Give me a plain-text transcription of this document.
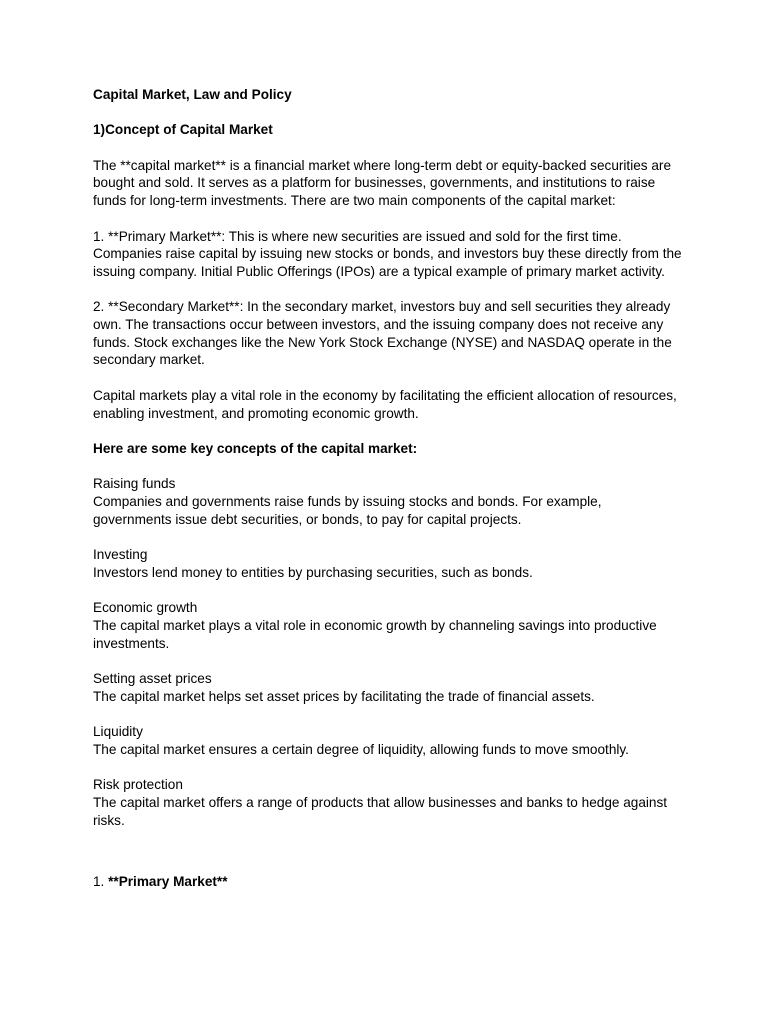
Capital Market, Law and Policy

1)Concept of Capital Market

The **capital market** is a financial market where long-term debt or equity-backed securities are bought and sold. It serves as a platform for businesses, governments, and institutions to raise funds for long-term investments. There are two main components of the capital market:

1. **Primary Market**: This is where new securities are issued and sold for the first time. Companies raise capital by issuing new stocks or bonds, and investors buy these directly from the issuing company. Initial Public Offerings (IPOs) are a typical example of primary market activity.

2. **Secondary Market**: In the secondary market, investors buy and sell securities they already own. The transactions occur between investors, and the issuing company does not receive any funds. Stock exchanges like the New York Stock Exchange (NYSE) and NASDAQ operate in the secondary market.

Capital markets play a vital role in the economy by facilitating the efficient allocation of resources, enabling investment, and promoting economic growth.

Here are some key concepts of the capital market:

Raising funds

Companies and governments raise funds by issuing stocks and bonds. For example, governments issue debt securities, or bonds, to pay for capital projects.

Investing

Investors lend money to entities by purchasing securities, such as bonds.

Economic growth

The capital market plays a vital role in economic growth by channeling savings into productive investments.

Setting asset prices

The capital market helps set asset prices by facilitating the trade of financial assets.

Liquidity

The capital market ensures a certain degree of liquidity, allowing funds to move smoothly.

Risk protection

The capital market offers a range of products that allow businesses and banks to hedge against risks.

1. **Primary Market**
